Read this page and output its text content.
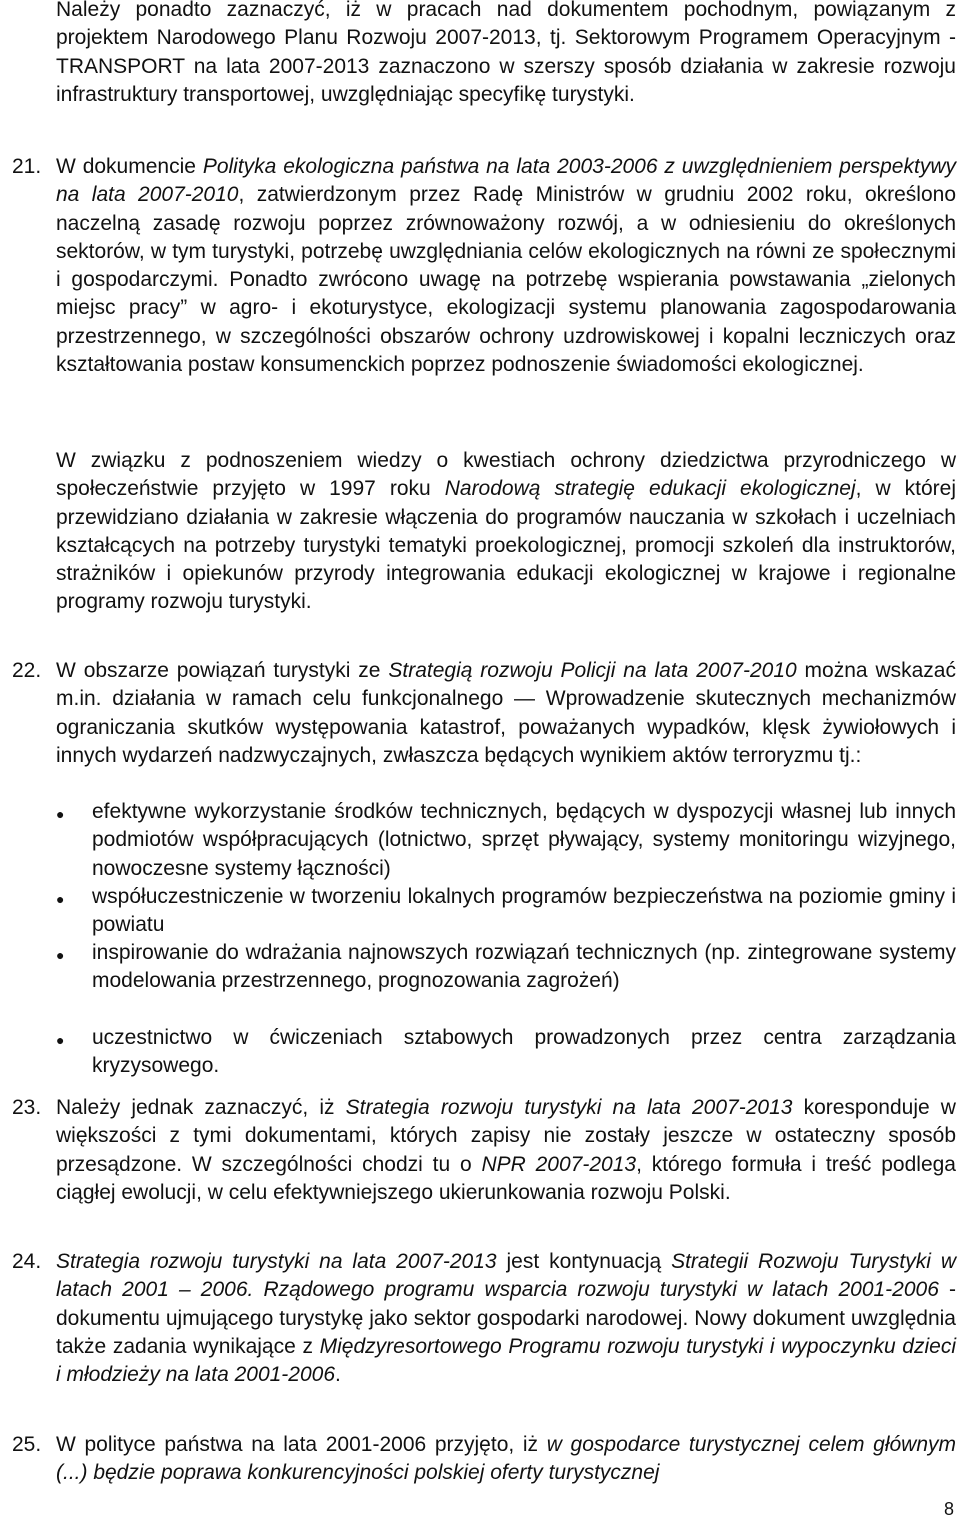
Należy ponadto zaznaczyć, iż w pracach nad dokumentem pochodnym, powiązanym z projektem Narodowego Planu Rozwoju 2007-2013, tj. Sektorowym Programem Operacyjnym - TRANSPORT na lata 2007-2013 zaznaczono w szerszy sposób działania w zakresie rozwoju infrastruktury transportowej, uwzględniając specyfikę turystyki.
21. W dokumencie Polityka ekologiczna państwa na lata 2003-2006 z uwzględnieniem perspektywy na lata 2007-2010, zatwierdzonym przez Radę Ministrów w grudniu 2002 roku, określono naczelną zasadę rozwoju poprzez zrównoważony rozwój, a w odniesieniu do określonych sektorów, w tym turystyki, potrzebę uwzględniania celów ekologicznych na równi ze społecznymi i gospodarczymi. Ponadto zwrócono uwagę na potrzebę wspierania powstawania „zielonych miejsc pracy” w agro- i ekoturystyce, ekologizacji systemu planowania zagospodarowania przestrzennego, w szczególności obszarów ochrony uzdrowiskowej i kopalni leczniczych oraz kształtowania postaw konsumenckich poprzez podnoszenie świadomości ekologicznej.
W związku z podnoszeniem wiedzy o kwestiach ochrony dziedzictwa przyrodniczego w społeczeństwie przyjęto w 1997 roku Narodową strategię edukacji ekologicznej, w której przewidziano działania w zakresie włączenia do programów nauczania w szkołach i uczelniach kształcących na potrzeby turystyki tematyki proekologicznej, promocji szkoleń dla instruktorów, strażników i opiekunów przyrody integrowania edukacji ekologicznej w krajowe i regionalne programy rozwoju turystyki.
22. W obszarze powiązań turystyki ze Strategią rozwoju Policji na lata 2007-2010 można wskazać m.in. działania w ramach celu funkcjonalnego — Wprowadzenie skutecznych mechanizmów ograniczania skutków występowania katastrof, poważanych wypadków, klęsk żywiołowych i innych wydarzeń nadzwyczajnych, zwłaszcza będących wynikiem aktów terroryzmu tj.:
● efektywne wykorzystanie środków technicznych, będących w dyspozycji własnej lub innych podmiotów współpracujących (lotnictwo, sprzęt pływający, systemy monitoringu wizyjnego, nowoczesne systemy łączności)
● współuczestniczenie w tworzeniu lokalnych programów bezpieczeństwa na poziomie gminy i powiatu
● inspirowanie do wdrażania najnowszych rozwiązań technicznych (np. zintegrowane systemy modelowania przestrzennego, prognozowania zagrożeń)
● uczestnictwo w ćwiczeniach sztabowych prowadzonych przez centra zarządzania kryzysowego.
23. Należy jednak zaznaczyć, iż Strategia rozwoju turystyki na lata 2007-2013 koresponduje w większości z tymi dokumentami, których zapisy nie zostały jeszcze w ostateczny sposób przesądzone. W szczególności chodzi tu o NPR 2007-2013, którego formuła i treść podlega ciągłej ewolucji, w celu efektywniejszego ukierunkowania rozwoju Polski.
24. Strategia rozwoju turystyki na lata 2007-2013 jest kontynuacją Strategii Rozwoju Turystyki w latach 2001 – 2006. Rządowego programu wsparcia rozwoju turystyki w latach 2001-2006 - dokumentu ujmującego turystykę jako sektor gospodarki narodowej. Nowy dokument uwzględnia także zadania wynikające z Międzyresortowego Programu rozwoju turystyki i wypoczynku dzieci i młodzieży na lata 2001-2006.
25. W polityce państwa na lata 2001-2006 przyjęto, iż w gospodarce turystycznej celem głównym (...) będzie poprawa konkurencyjności polskiej oferty turystycznej
8
